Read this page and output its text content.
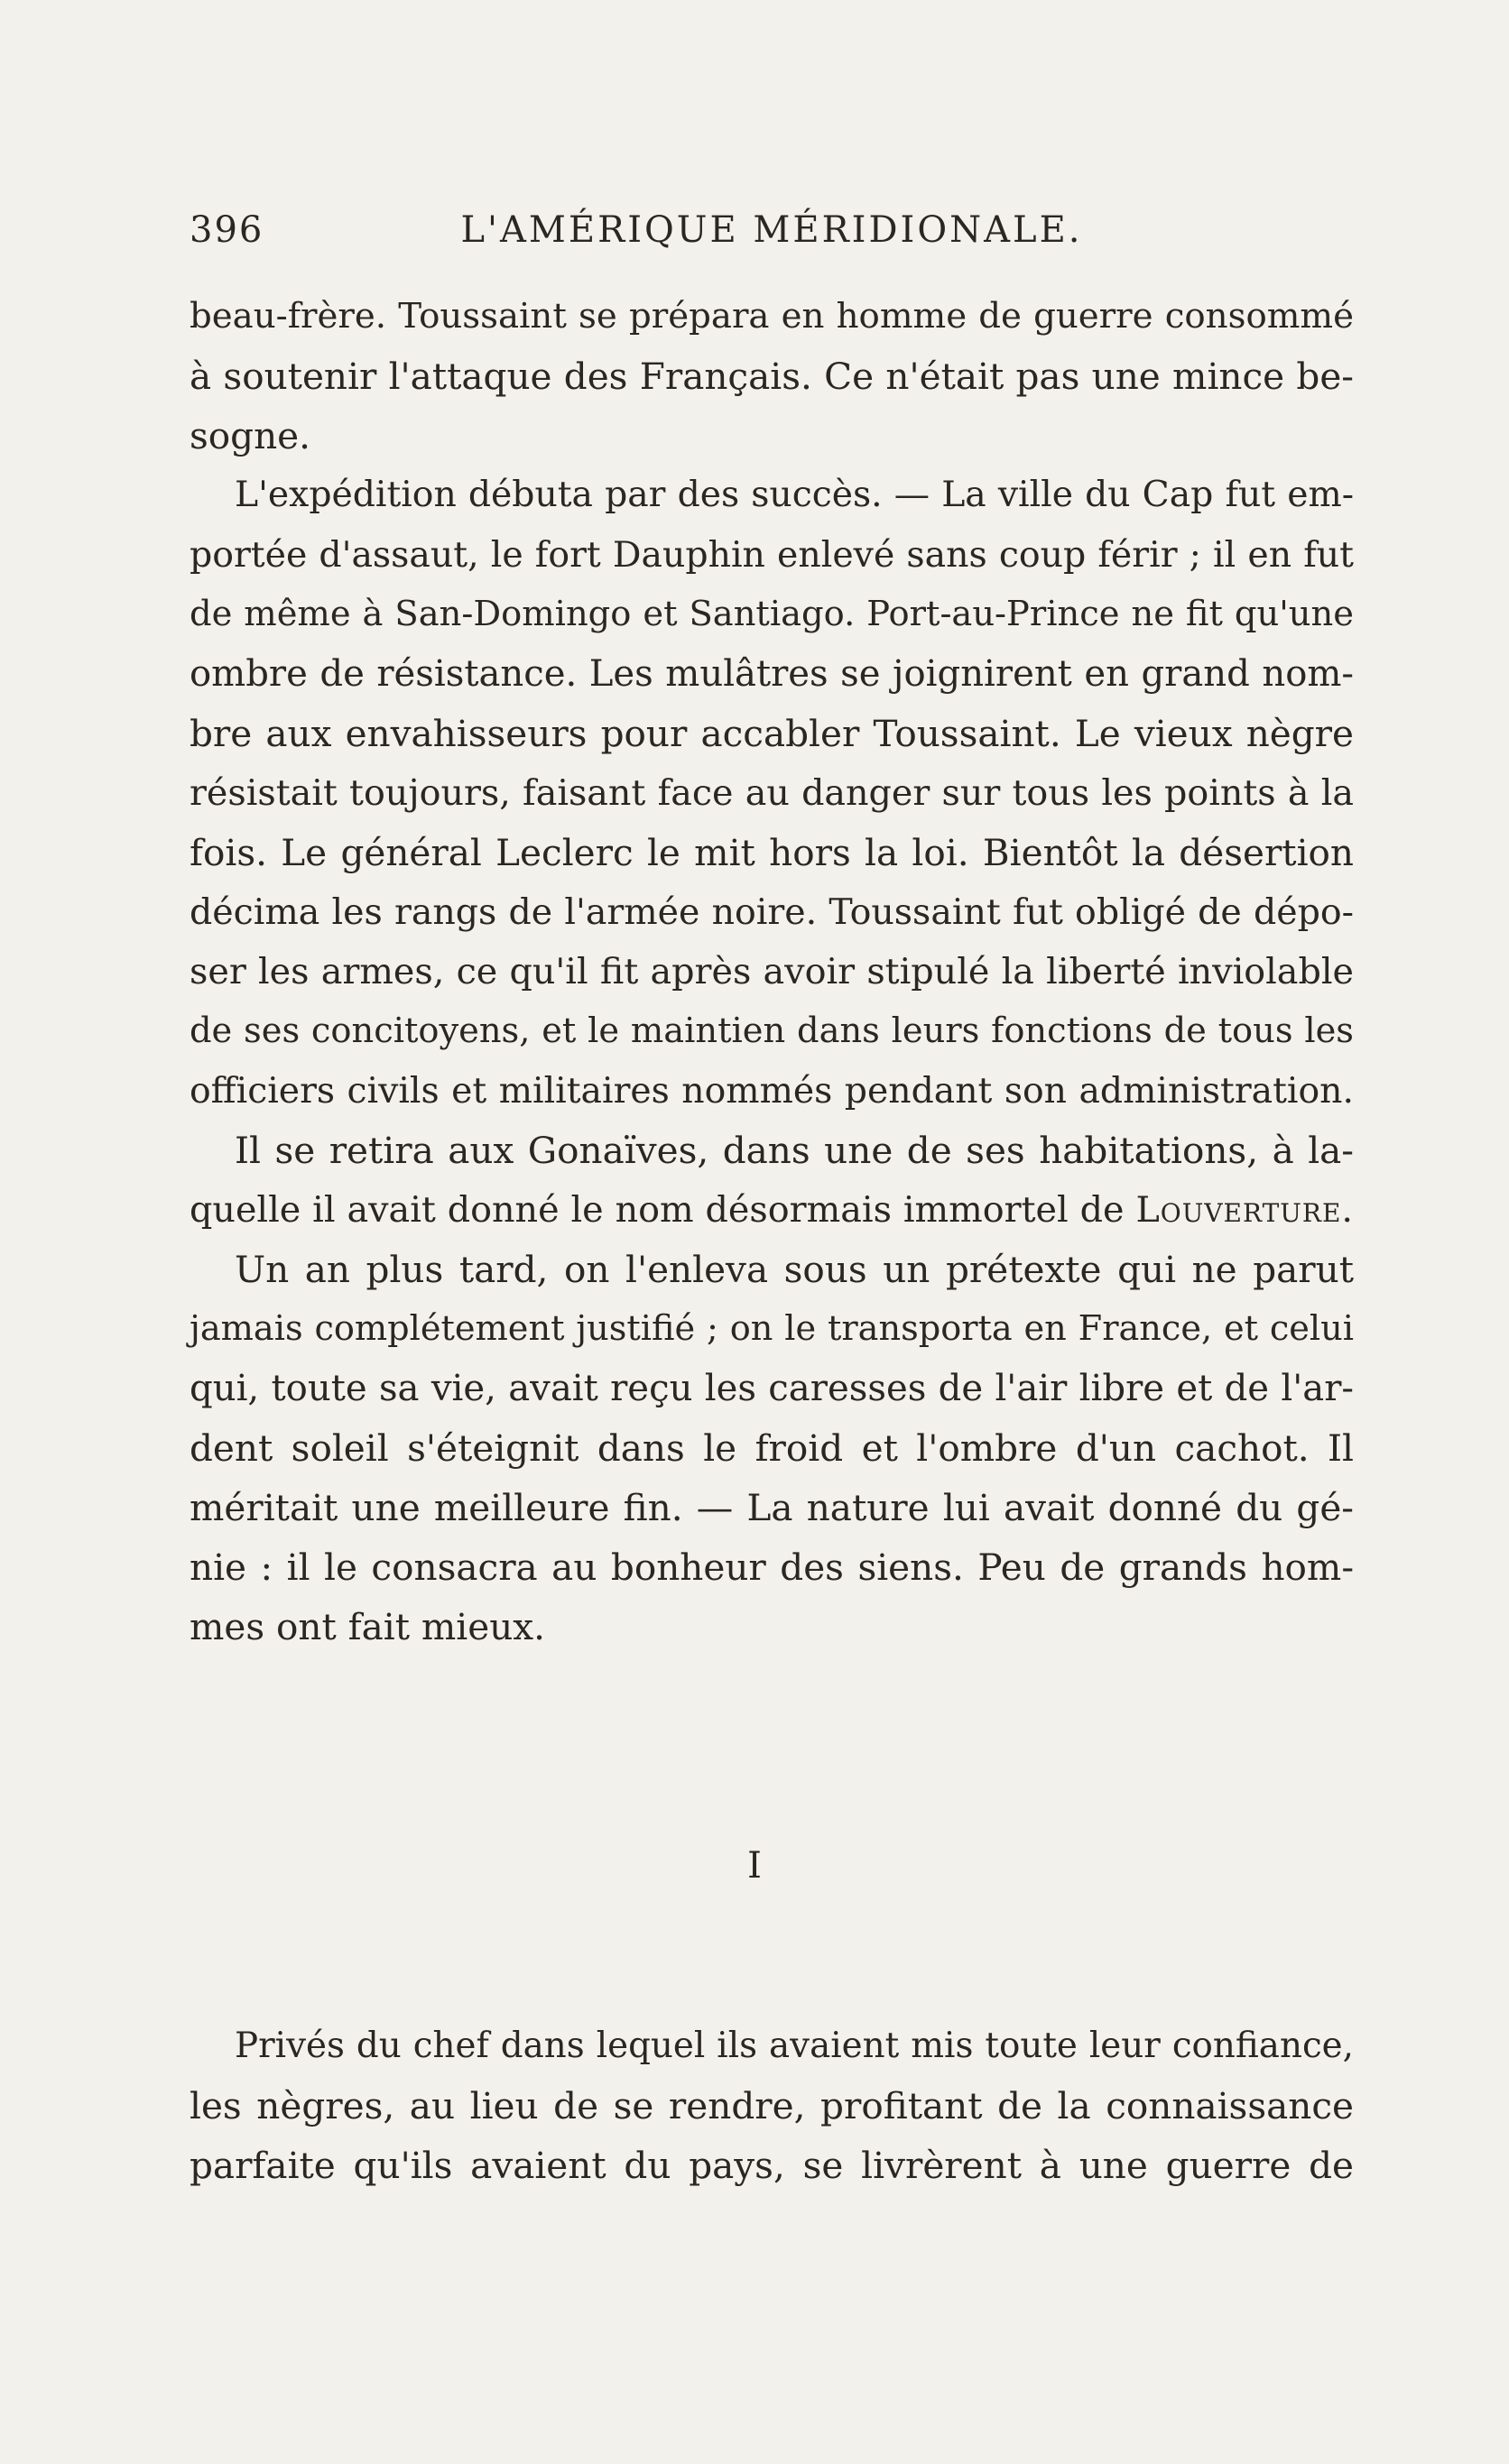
396	L'AMÉRIQUE MÉRIDIONALE.
beau-frère. Toussaint se prépara en homme de guerre consommé
à soutenir l'attaque des Français. Ce n'était pas une mince be-
sogne.
L'expédition débuta par des succès. — La ville du Cap fut em-
portée d'assaut, le fort Dauphin enlevé sans coup férir ; il en fut
de même à San-Domingo et Santiago. Port-au-Prince ne fit qu'une
ombre de résistance. Les mulâtres se joignirent en grand nom-
bre aux envahisseurs pour accabler Toussaint. Le vieux nègre
résistait toujours, faisant face au danger sur tous les points à la
fois. Le général Leclerc le mit hors la loi. Bientôt la désertion
décima les rangs de l'armée noire. Toussaint fut obligé de dépo-
ser les armes, ce qu'il fit après avoir stipulé la liberté inviolable
de ses concitoyens, et le maintien dans leurs fonctions de tous les
officiers civils et militaires nommés pendant son administration.
Il se retira aux Gonaïves, dans une de ses habitations, à la-
quelle il avait donné le nom désormais immortel de Louverture.
Un an plus tard, on l'enleva sous un prétexte qui ne parut
jamais complétement justifié ; on le transporta en France, et celui
qui, toute sa vie, avait reçu les caresses de l'air libre et de l'ar-
dent soleil s'éteignit dans le froid et l'ombre d'un cachot. Il
méritait une meilleure fin. — La nature lui avait donné du gé-
nie : il le consacra au bonheur des siens. Peu de grands hom-
mes ont fait mieux.
I
Privés du chef dans lequel ils avaient mis toute leur confiance,
les nègres, au lieu de se rendre, profitant de la connaissance
parfaite qu'ils avaient du pays, se livrèrent à une guerre de
